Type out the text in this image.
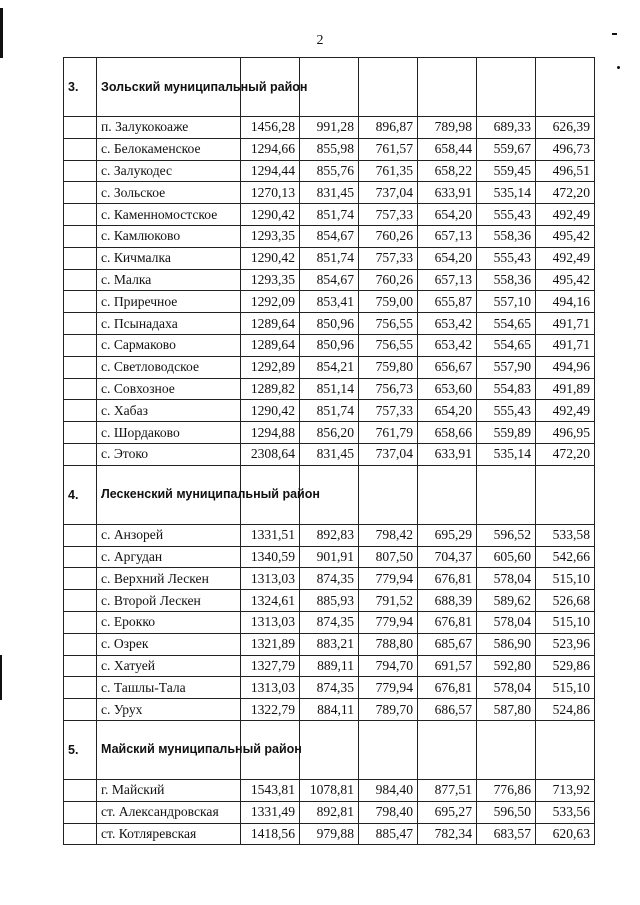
2
3.	Зольский муниципальный район						
	п. Залукокоаже	1456,28	991,28	896,87	789,98	689,33	626,39
	с. Белокаменское	1294,66	855,98	761,57	658,44	559,67	496,73
	с. Залукодес	1294,44	855,76	761,35	658,22	559,45	496,51
	с. Зольское	1270,13	831,45	737,04	633,91	535,14	472,20
	с. Каменномостское	1290,42	851,74	757,33	654,20	555,43	492,49
	с. Камлюково	1293,35	854,67	760,26	657,13	558,36	495,42
	с. Кичмалка	1290,42	851,74	757,33	654,20	555,43	492,49
	с. Малка	1293,35	854,67	760,26	657,13	558,36	495,42
	с. Приречное	1292,09	853,41	759,00	655,87	557,10	494,16
	с. Псынадаха	1289,64	850,96	756,55	653,42	554,65	491,71
	с. Сармаково	1289,64	850,96	756,55	653,42	554,65	491,71
	с. Светловодское	1292,89	854,21	759,80	656,67	557,90	494,96
	с. Совхозное	1289,82	851,14	756,73	653,60	554,83	491,89
	с. Хабаз	1290,42	851,74	757,33	654,20	555,43	492,49
	с. Шордаково	1294,88	856,20	761,79	658,66	559,89	496,95
	с. Этоко	2308,64	831,45	737,04	633,91	535,14	472,20
4.	Лескенский муниципальный район						
	с. Анзорей	1331,51	892,83	798,42	695,29	596,52	533,58
	с. Аргудан	1340,59	901,91	807,50	704,37	605,60	542,66
	с. Верхний Лескен	1313,03	874,35	779,94	676,81	578,04	515,10
	с. Второй Лескен	1324,61	885,93	791,52	688,39	589,62	526,68
	с. Ерокко	1313,03	874,35	779,94	676,81	578,04	515,10
	с. Озрек	1321,89	883,21	788,80	685,67	586,90	523,96
	с. Хатуей	1327,79	889,11	794,70	691,57	592,80	529,86
	с. Ташлы-Тала	1313,03	874,35	779,94	676,81	578,04	515,10
	с. Урух	1322,79	884,11	789,70	686,57	587,80	524,86
5.	Майский муниципальный район						
	г. Майский	1543,81	1078,81	984,40	877,51	776,86	713,92
	ст. Александровская	1331,49	892,81	798,40	695,27	596,50	533,56
	ст. Котляревская	1418,56	979,88	885,47	782,34	683,57	620,63
